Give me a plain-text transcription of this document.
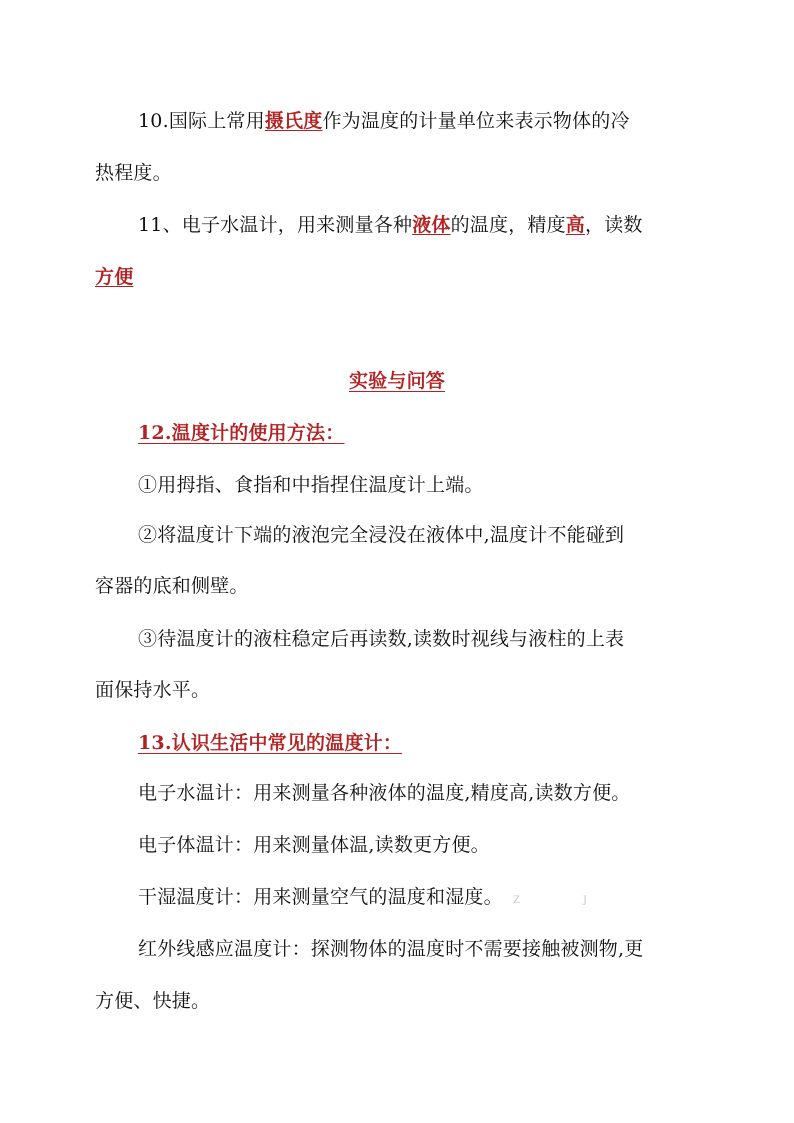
10.国际上常用摄氏度作为温度的计量单位来表示物体的冷
热程度。
11、电子水温计，用来测量各种液体的温度，精度高，读数
方便
实验与问答
12.温度计的使用方法：
①用拇指、食指和中指捏住温度计上端。
②将温度计下端的液泡完全浸没在液体中,温度计不能碰到
容器的底和侧壁。
③待温度计的液柱稳定后再读数,读数时视线与液柱的上表
面保持水平。
13.认识生活中常见的温度计：
电子水温计：用来测量各种液体的温度,精度高,读数方便。
电子体温计：用来测量体温,读数更方便。
干湿温度计：用来测量空气的温度和湿度。 Z J
红外线感应温度计：探测物体的温度时不需要接触被测物,更
方便、快捷。
